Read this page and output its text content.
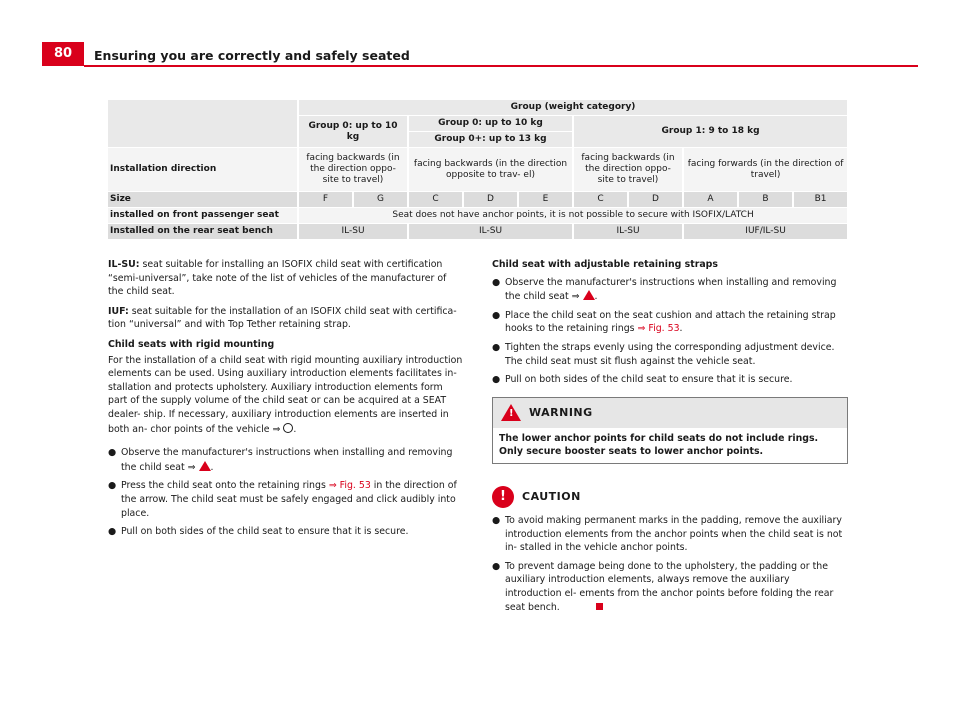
80	Ensuring you are correctly and safely seated
	Group (weight category)									
	Group 0: up to 10 kg		Group 0: up to 10 kg			Group 1: 9 to 18 kg				
			Group 0+: up to 13 kg							
Installation direction	facing backwards (in the direction oppo- site to travel)		facing backwards (in the direction opposite to trav- el)			facing backwards (in the direction oppo- site to travel)		facing forwards (in the direction of travel)		
Size	F	G	C	D	E	C	D	A	B	B1
installed on front passenger seat	Seat does not have anchor points, it is not possible to secure with ISOFIX/LATCH									
Installed on the rear seat bench	IL-SU		IL-SU			IL-SU		IUF/IL-SU		

IL-SU: seat suitable for installing an ISOFIX child seat with certification “semi-universal”, take note of the list of vehicles of the manufacturer of the child seat.

IUF: seat suitable for the installation of an ISOFIX child seat with certifica- tion “universal” and with Top Tether retaining strap.

Child seats with rigid mounting

For the installation of a child seat with rigid mounting auxiliary introduction elements can be used. Using auxiliary introduction elements facilitates in- stallation and protects upholstery. Auxiliary introduction elements form part of the supply volume of the child seat or can be acquired at a SEAT dealer- ship. If necessary, auxiliary introduction elements are inserted in both an- chor points of the vehicle ⇒ .

● Observe the manufacturer's instructions when installing and removing the child seat ⇒ .
● Press the child seat onto the retaining rings ⇒ Fig. 53 in the direction of the arrow. The child seat must be safely engaged and click audibly into place.
● Pull on both sides of the child seat to ensure that it is secure.

Child seat with adjustable retaining straps

● Observe the manufacturer's instructions when installing and removing the child seat ⇒ .
● Place the child seat on the seat cushion and attach the retaining strap hooks to the retaining rings ⇒ Fig. 53.
● Tighten the straps evenly using the corresponding adjustment device. The child seat must sit flush against the vehicle seat.
● Pull on both sides of the child seat to ensure that it is secure.
!
WARNING
The lower anchor points for child seats do not include rings. Only secure booster seats to lower anchor points.
!	CAUTION
● To avoid making permanent marks in the padding, remove the auxiliary introduction elements from the anchor points when the child seat is not in- stalled in the vehicle anchor points.
● To prevent damage being done to the upholstery, the padding or the auxiliary introduction elements, always remove the auxiliary introduction el- ements from the anchor points before folding the rear seat bench.
